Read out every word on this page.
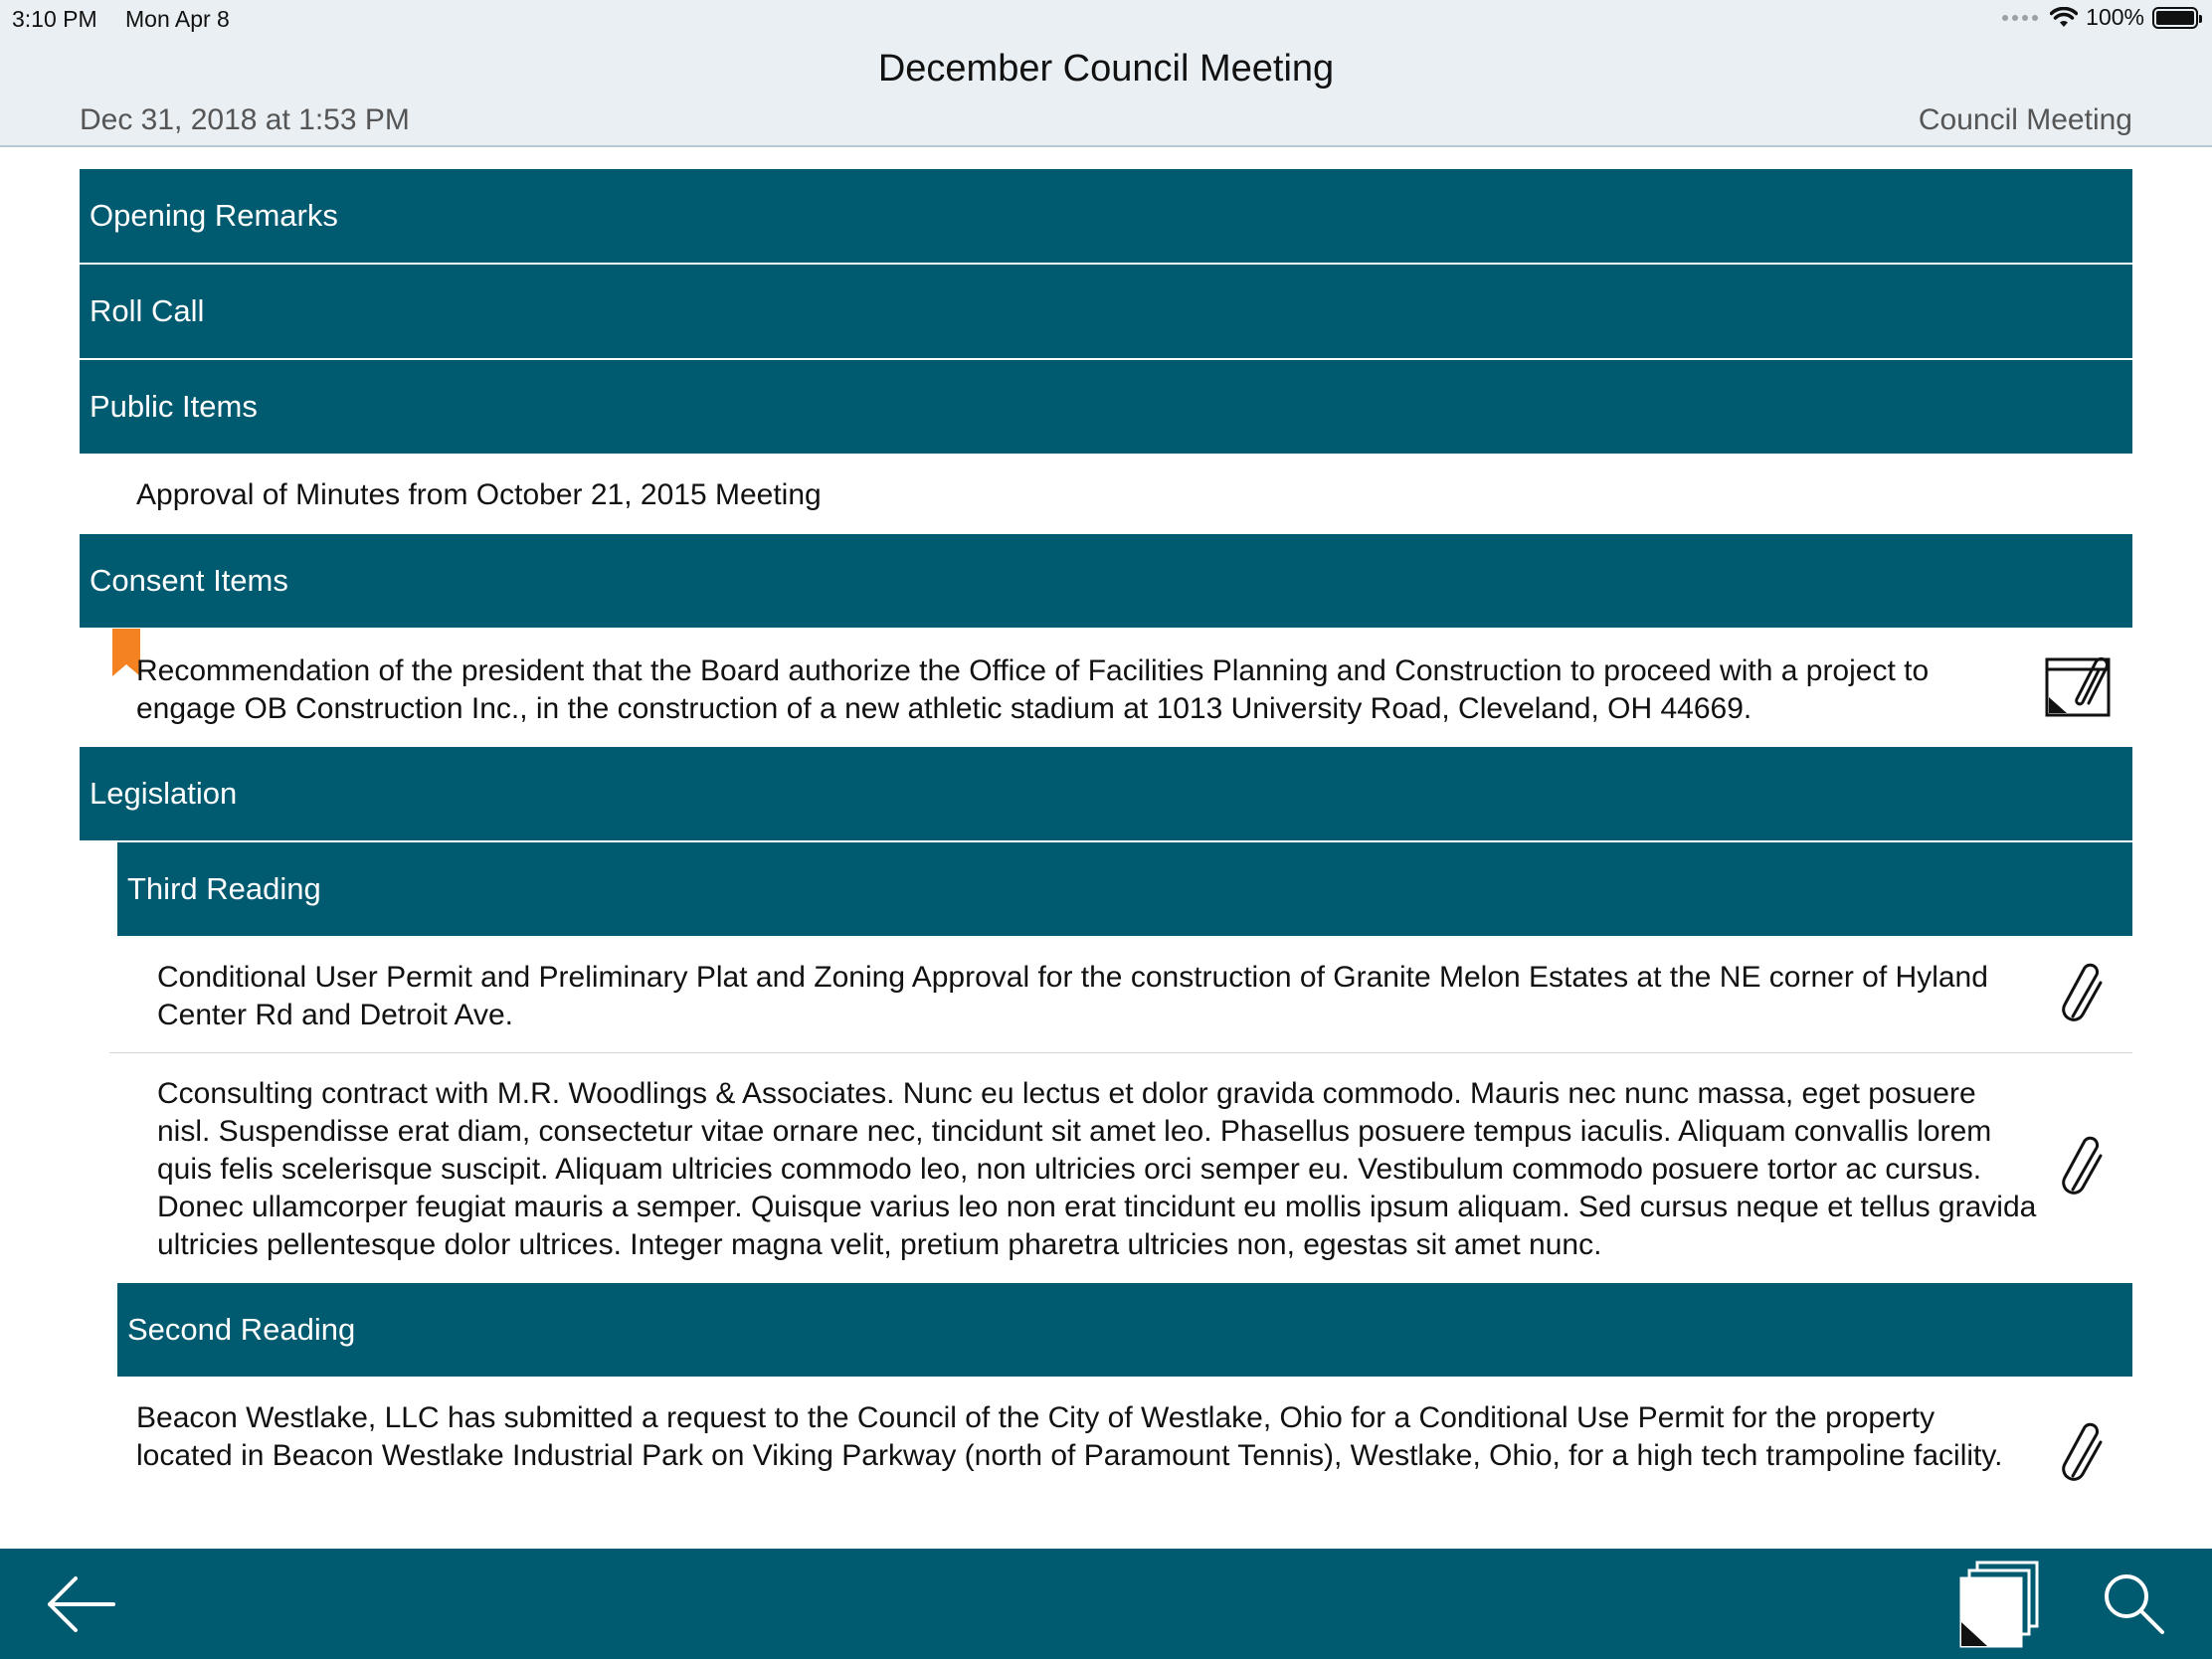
3:10 PM Mon Apr 8	100%
December Council Meeting
Dec 31, 2018 at 1:53 PM	Council Meeting
Opening Remarks
Roll Call
Public Items
Approval of Minutes from October 21, 2015 Meeting
Consent Items
Recommendation of the president that the Board authorize the Office of Facilities Planning and Construction to proceed with a project to engage OB Construction Inc., in the construction of a new athletic stadium at 1013 University Road, Cleveland, OH 44669.
Legislation
Third Reading
Conditional User Permit and Preliminary Plat and Zoning Approval for the construction of Granite Melon Estates at the NE corner of Hyland Center Rd and Detroit Ave.
Cconsulting contract with M.R. Woodlings & Associates. Nunc eu lectus et dolor gravida commodo. Mauris nec nunc massa, eget posuere nisl. Suspendisse erat diam, consectetur vitae ornare nec, tincidunt sit amet leo. Phasellus posuere tempus iaculis. Aliquam convallis lorem quis felis scelerisque suscipit. Aliquam ultricies commodo leo, non ultricies orci semper eu. Vestibulum commodo posuere tortor ac cursus. Donec ullamcorper feugiat mauris a semper. Quisque varius leo non erat tincidunt eu mollis ipsum aliquam. Sed cursus neque et tellus gravida ultricies pellentesque dolor ultrices. Integer magna velit, pretium pharetra ultricies non, egestas sit amet nunc.
Second Reading
Beacon Westlake, LLC has submitted a request to the Council of the City of Westlake, Ohio for a Conditional Use Permit for the property located in Beacon Westlake Industrial Park on Viking Parkway (north of Paramount Tennis), Westlake, Ohio, for a high tech trampoline facility.
